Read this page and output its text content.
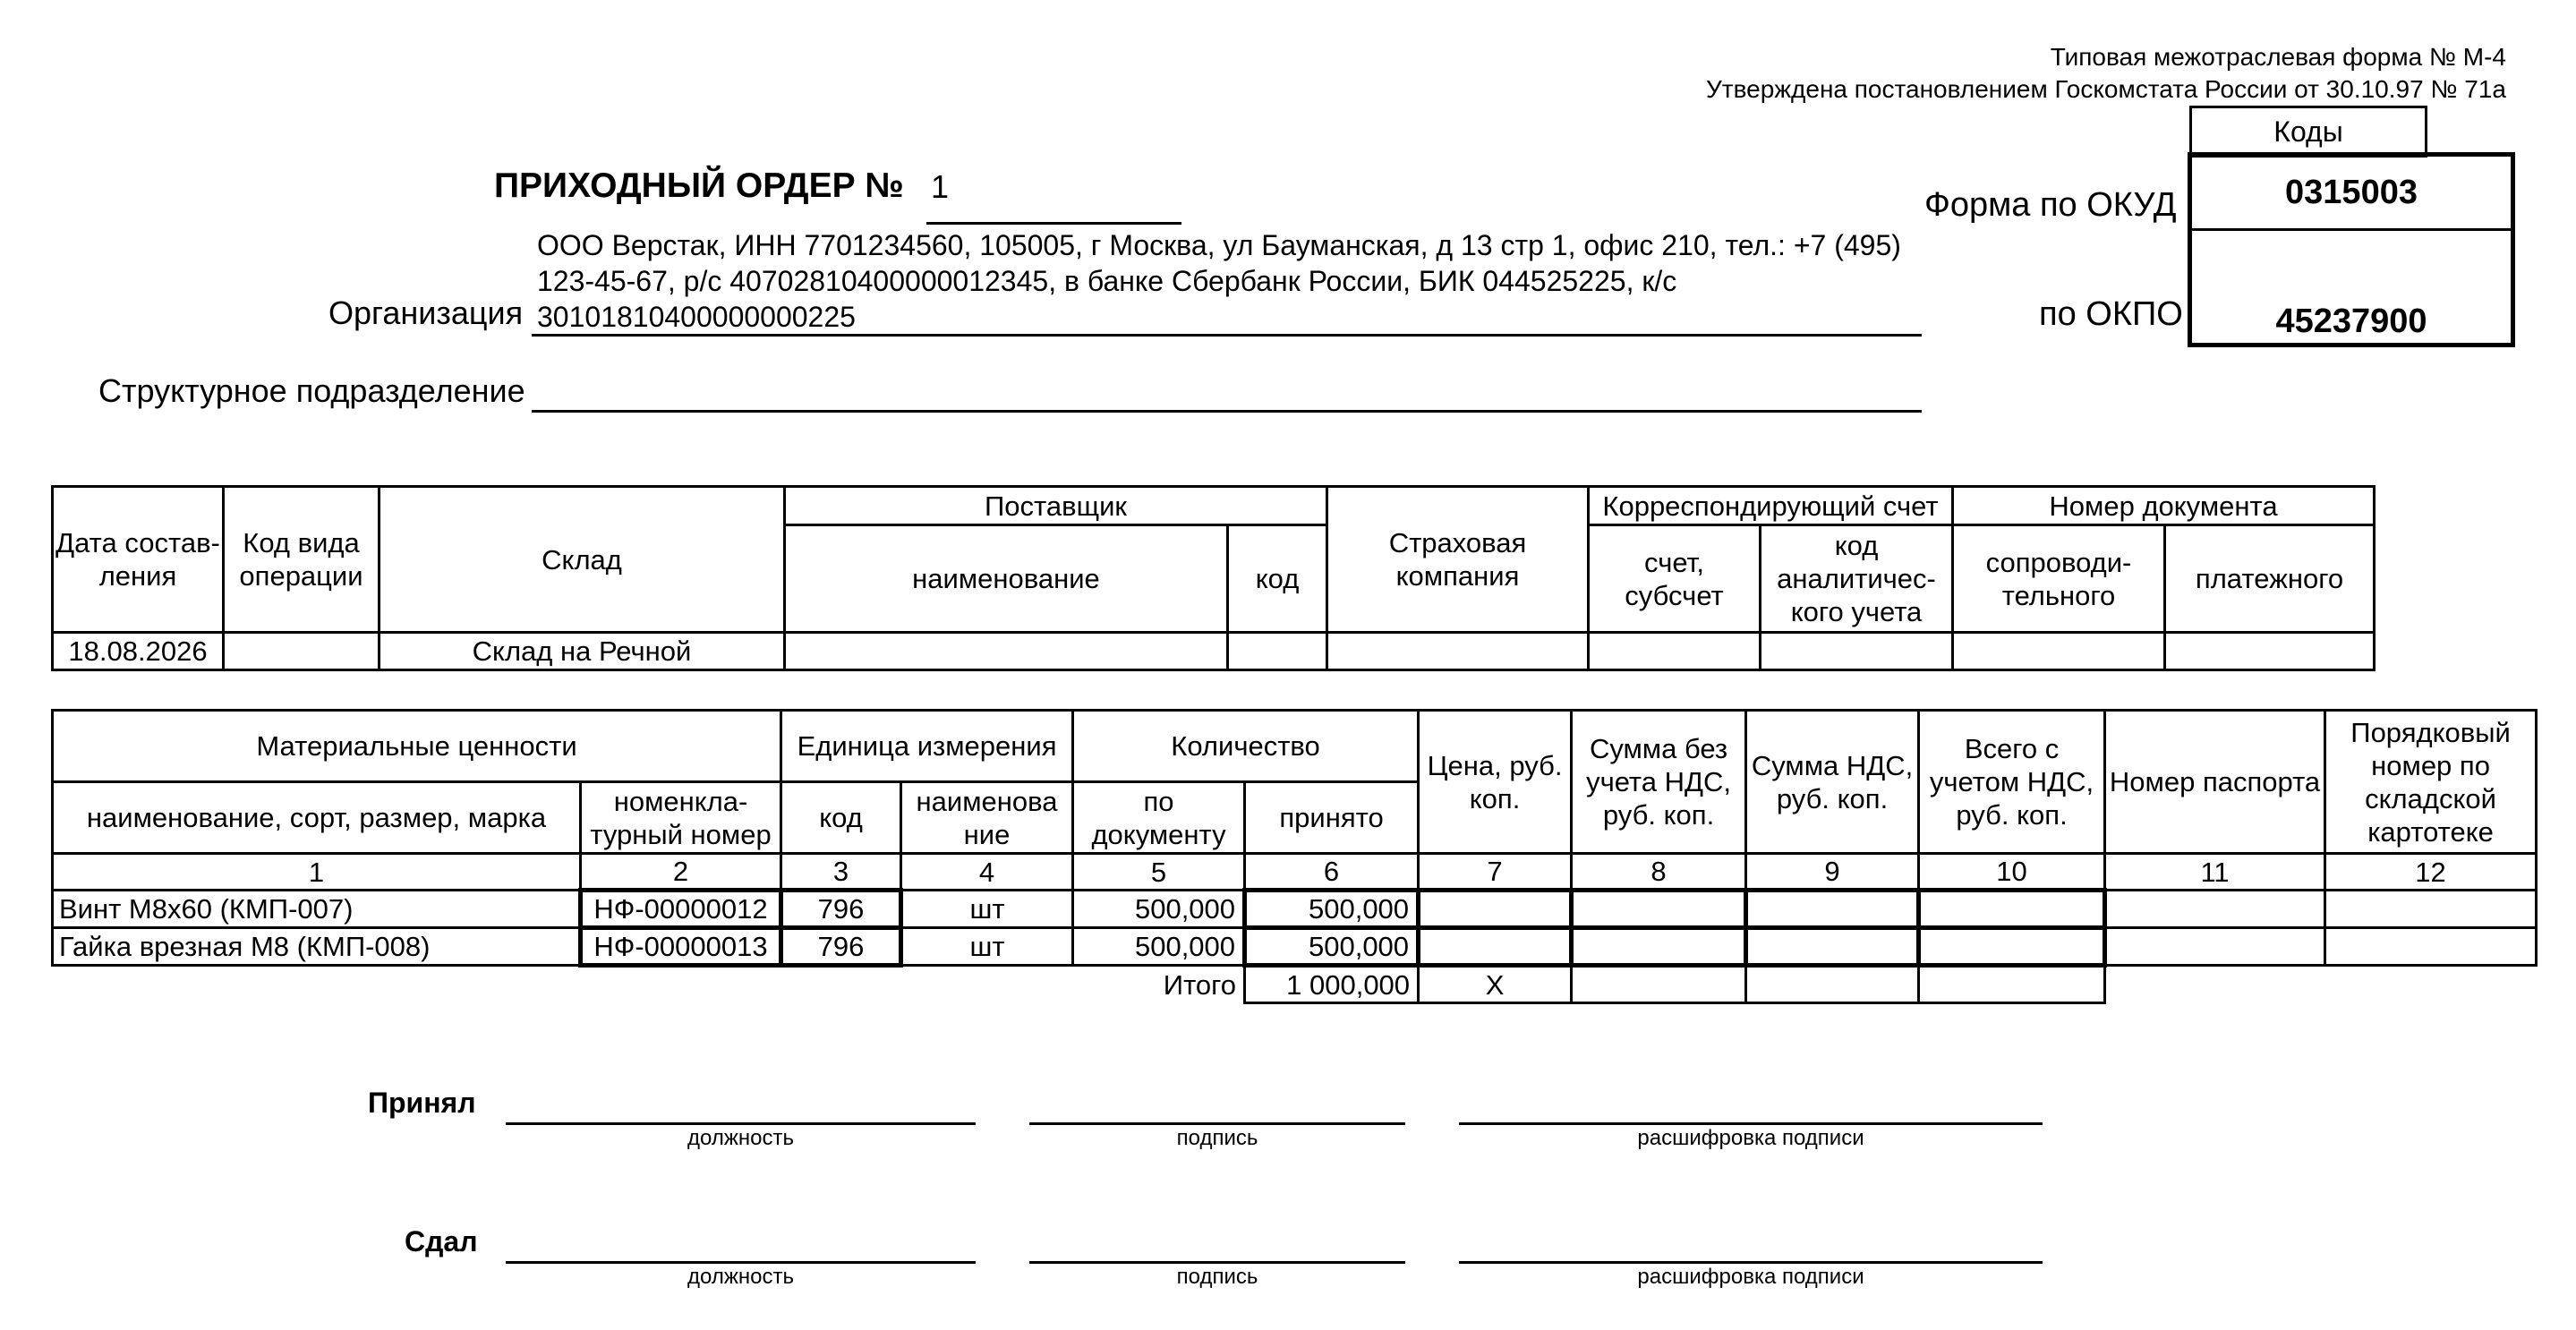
Типовая межотраслевая форма № М-4
Утверждена постановлением Госкомстата России от 30.10.97 № 71а
Коды
0315003
45237900
Форма по ОКУД
по ОКПО
ПРИХОДНЫЙ ОРДЕР № 1
ООО Верстак, ИНН 7701234560, 105005, г Москва, ул Бауманская, д 13 стр 1, офис 210, тел.: +7 (495) 123-45-67, р/с 40702810400000012345, в банке Сбербанк России, БИК 044525225, к/с 30101810400000000225
Организация
Структурное подразделение
Дата состав-ления	Код вида операции	Склад	Поставщик		Страховая компания	Корреспондирующий счет		Номер документа	
			наименование	код		счет, субсчет	код аналитичес-кого учета	сопроводи-тельного	платежного
18.08.2026		Склад на Речной							
Материальные ценности		Единица измерения		Количество		Цена, руб. коп.	Сумма без учета НДС, руб. коп.	Сумма НДС, руб. коп.	Всего с учетом НДС, руб. коп.	Номер паспорта	Порядковый номер по складской картотеке
наименование, сорт, размер, марка	номенкла-турный номер	код	наименова ние	по документу	принято						
1	2	3	4	5	6	7	8	9	10	11	12
Винт М8х60 (КМП-007)	НФ-00000012	796	шт	500,000	500,000						
Гайка врезная М8 (КМП-008)	НФ-00000013	796	шт	500,000	500,000						
				Итого	1 000,000	Х					
Принял
должность	подпись	расшифровка подписи
Сдал
должность	подпись	расшифровка подписи
